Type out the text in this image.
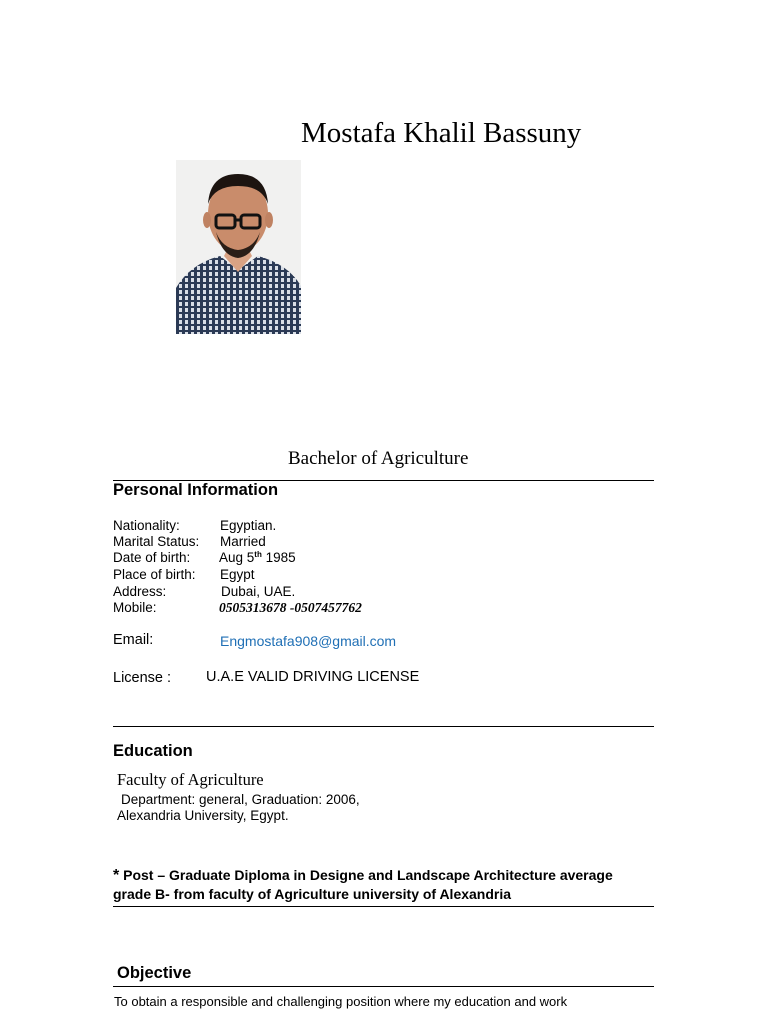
Mostafa Khalil Bassuny
Bachelor of Agriculture
Personal Information
Nationality:	Egyptian.
Marital Status: Married
Date of birth: Aug 5th 1985
Place of birth: Egypt
Address:	Dubai, UAE.
Mobile:	0505313678 -0507457762
Email:	Engmostafa908@gmail.com
License : U.A.E VALID DRIVING LICENSE
Education
Faculty of Agriculture
Department: general, Graduation: 2006,
Alexandria University, Egypt.
* Post – Graduate Diploma in Designe and Landscape Architecture average
grade B- from faculty of Agriculture university of Alexandria
Objective
To obtain a responsible and challenging position where my education and work
